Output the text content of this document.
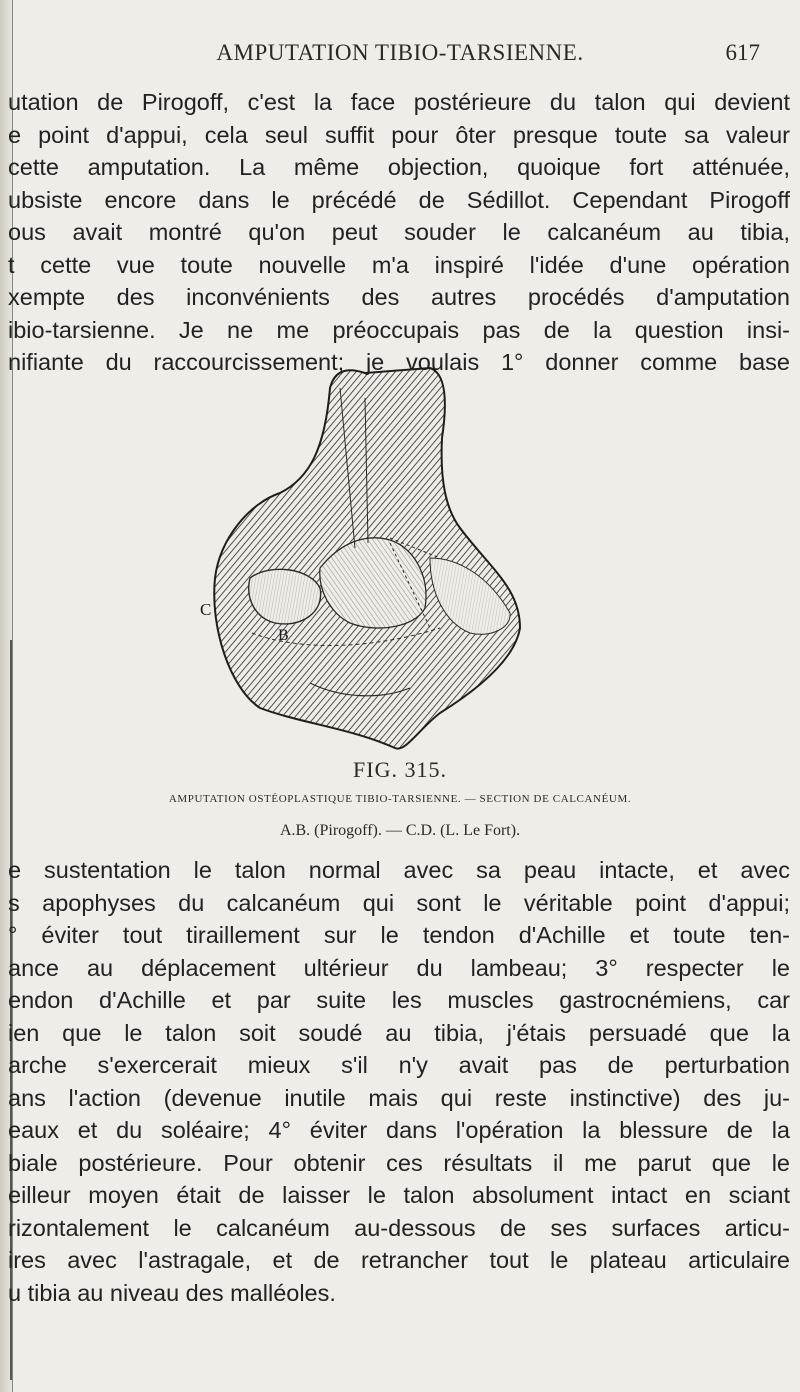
AMPUTATION TIBIO-TARSIENNE.	617
utation de Pirogoff, c'est la face postérieure du talon qui devient
e point d'appui, cela seul suffit pour ôter presque toute sa valeur
cette amputation. La même objection, quoique fort atténuée,
ubsiste encore dans le précédé de Sédillot. Cependant Pirogoff
ous avait montré qu'on peut souder le calcanéum au tibia,
t cette vue toute nouvelle m'a inspiré l'idée d'une opération
xempte des inconvénients des autres procédés d'amputation
ibio-tarsienne. Je ne me préoccupais pas de la question insi-
nifiante du raccourcissement; je voulais 1° donner comme base
C
B
FIG. 315.
AMPUTATION OSTÉOPLASTIQUE TIBIO-TARSIENNE. — SECTION DE CALCANÉUM.
A.B. (Pirogoff). — C.D. (L. Le Fort).
e sustentation le talon normal avec sa peau intacte, et avec
s apophyses du calcanéum qui sont le véritable point d'appui;
° éviter tout tiraillement sur le tendon d'Achille et toute ten-
ance au déplacement ultérieur du lambeau; 3° respecter le
endon d'Achille et par suite les muscles gastrocnémiens, car
ien que le talon soit soudé au tibia, j'étais persuadé que la
arche s'exercerait mieux s'il n'y avait pas de perturbation
ans l'action (devenue inutile mais qui reste instinctive) des ju-
eaux et du soléaire; 4° éviter dans l'opération la blessure de la
biale postérieure. Pour obtenir ces résultats il me parut que le
eilleur moyen était de laisser le talon absolument intact en sciant
rizontalement le calcanéum au-dessous de ses surfaces articu-
ires avec l'astragale, et de retrancher tout le plateau articulaire
u tibia au niveau des malléoles.
